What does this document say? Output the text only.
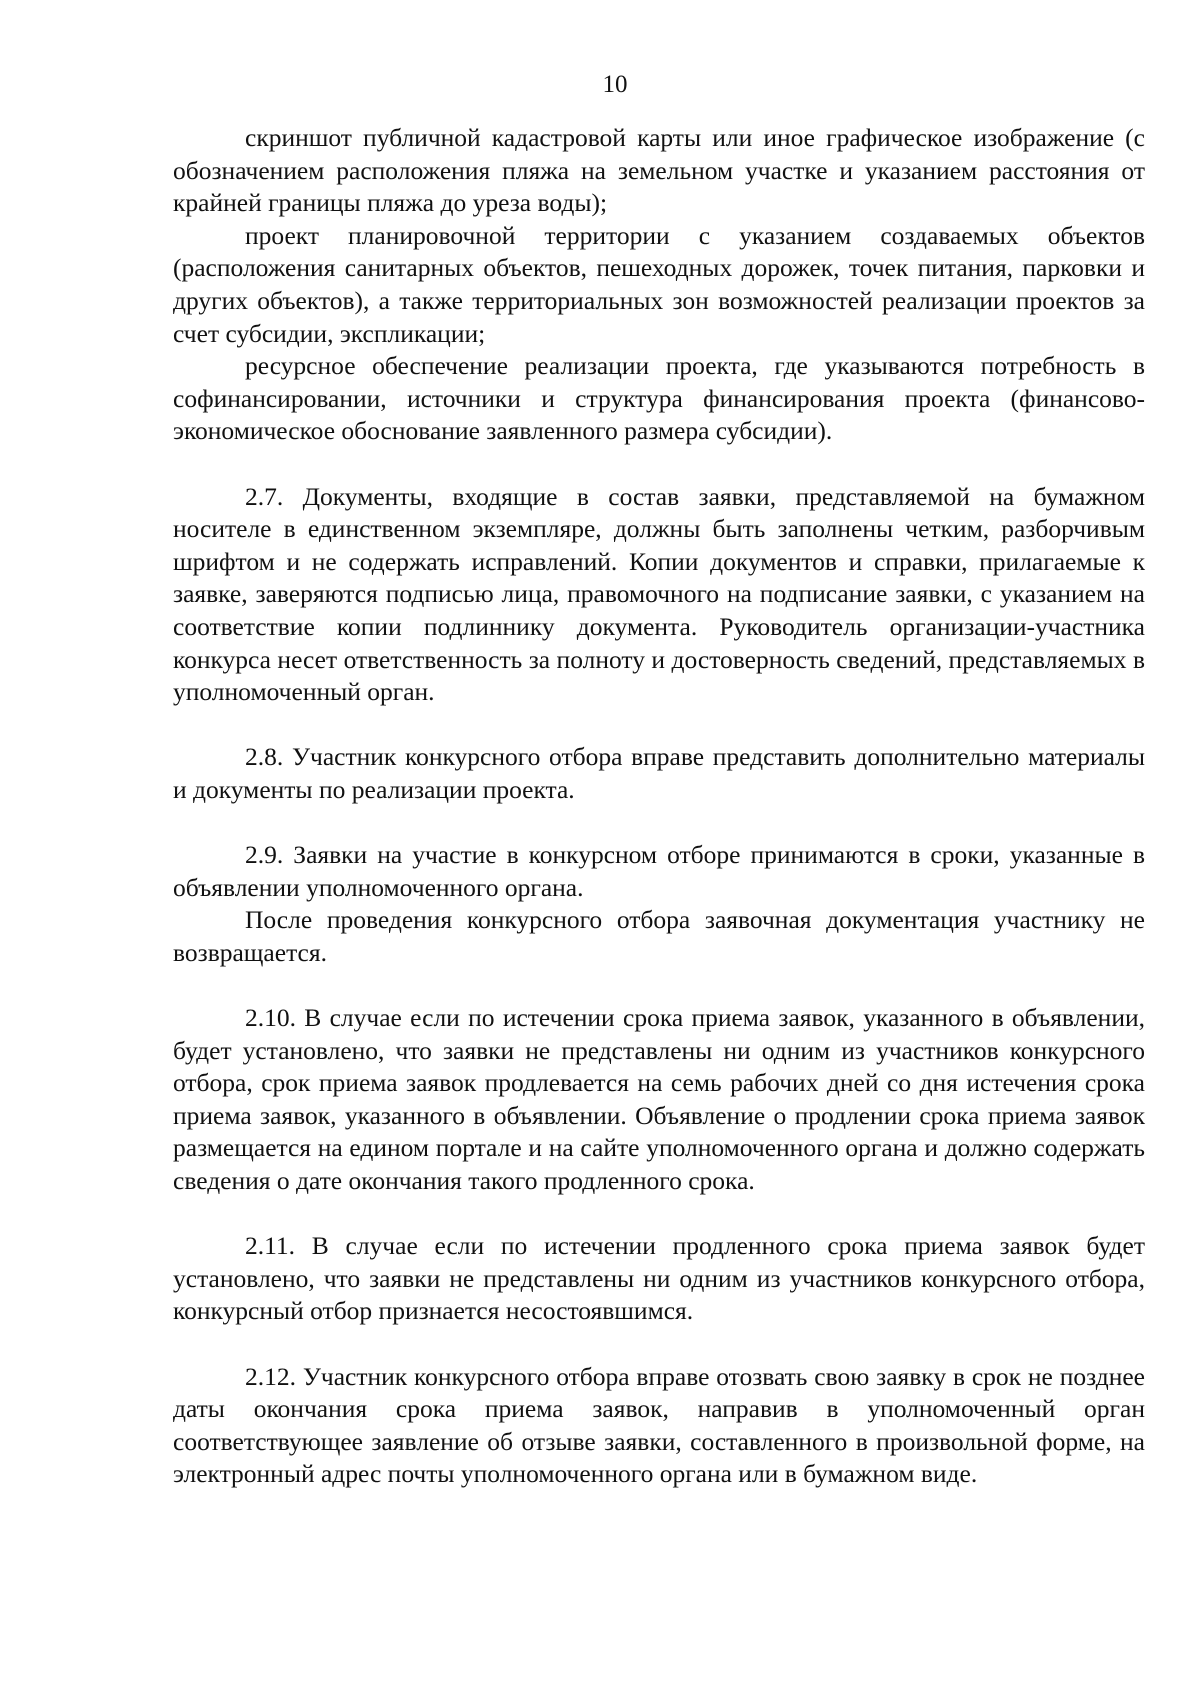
10

скриншот публичной кадастровой карты или иное графическое изображение (с обозначением расположения пляжа на земельном участке и указанием расстояния от крайней границы пляжа до уреза воды);

проект планировочной территории с указанием создаваемых объектов (расположения санитарных объектов, пешеходных дорожек, точек питания, парковки и других объектов), а также территориальных зон возможностей реализации проектов за счет субсидии, экспликации;

ресурсное обеспечение реализации проекта, где указываются потребность в софинансировании, источники и структура финансирования проекта (финансово-экономическое обоснование заявленного размера субсидии).

2.7. Документы, входящие в состав заявки, представляемой на бумажном носителе в единственном экземпляре, должны быть заполнены четким, разборчивым шрифтом и не содержать исправлений. Копии документов и справки, прилагаемые к заявке, заверяются подписью лица, правомочного на подписание заявки, с указанием на соответствие копии подлиннику документа. Руководитель организации-участника конкурса несет ответственность за полноту и достоверность сведений, представляемых в уполномоченный орган.

2.8. Участник конкурсного отбора вправе представить дополнительно материалы и документы по реализации проекта.

2.9. Заявки на участие в конкурсном отборе принимаются в сроки, указанные в объявлении уполномоченного органа.

После проведения конкурсного отбора заявочная документация участнику не возвращается.

2.10. В случае если по истечении срока приема заявок, указанного в объявлении, будет установлено, что заявки не представлены ни одним из участников конкурсного отбора, срок приема заявок продлевается на семь рабочих дней со дня истечения срока приема заявок, указанного в объявлении. Объявление о продлении срока приема заявок размещается на едином портале и на сайте уполномоченного органа и должно содержать сведения о дате окончания такого продленного срока.

2.11. В случае если по истечении продленного срока приема заявок будет установлено, что заявки не представлены ни одним из участников конкурсного отбора, конкурсный отбор признается несостоявшимся.

2.12. Участник конкурсного отбора вправе отозвать свою заявку в срок не позднее даты окончания срока приема заявок, направив в уполномоченный орган соответствующее заявление об отзыве заявки, составленного в произвольной форме, на электронный адрес почты уполномоченного органа или в бумажном виде.
